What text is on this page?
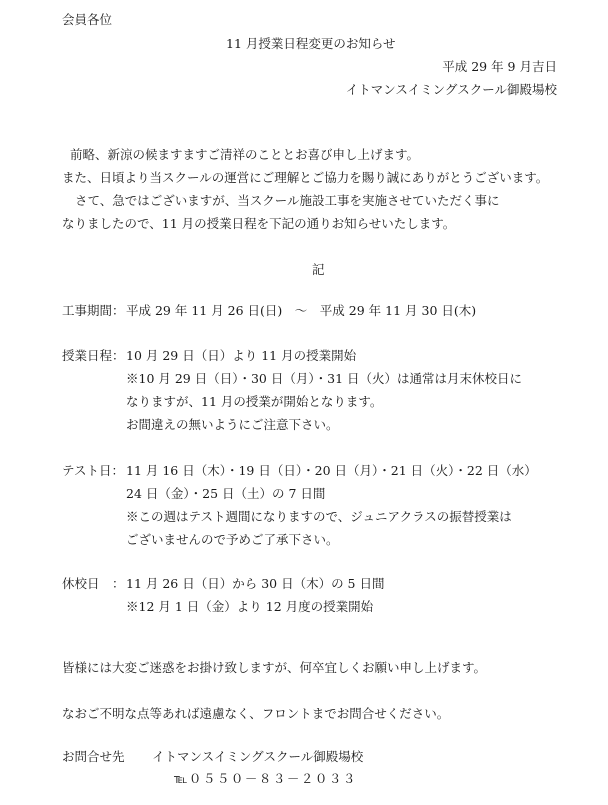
会員各位
11 月授業日程変更のお知らせ
平成 29 年 9 月吉日
イトマンスイミングスクール御殿場校
前略、新涼の候ますますご清祥のこととお喜び申し上げます。
また、日頃より当スクールの運営にご理解とご協力を賜り誠にありがとうございます。
さて、急ではございますが、当スクール施設工事を実施させていただく事に
なりましたので、11 月の授業日程を下記の通りお知らせいたします。
記
工事期間： 平成 29 年 11 月 26 日(日)　～　平成 29 年 11 月 30 日(木)
授業日程： 10 月 29 日（日）より 11 月の授業開始
※10 月 29 日（日）・30 日（月）・31 日（火）は通常は月末休校日に
なりますが、11 月の授業が開始となります。
お間違えの無いようにご注意下さい。
テスト日： 11 月 16 日（木）・19 日（日）・20 日（月）・21 日（火）・22 日（水）
24 日（金）・25 日（土）の 7 日間
※この週はテスト週間になりますので、ジュニアクラスの振替授業は
ございませんので予めご了承下さい。
休校日　： 11 月 26 日（日）から 30 日（木）の 5 日間
※12 月 1 日（金）より 12 月度の授業開始
皆様には大変ご迷惑をお掛け致しますが、何卒宜しくお願い申し上げます。
なおご不明な点等あれば遠慮なく、フロントまでお問合せください。
お問合せ先 イトマンスイミングスクール御殿場校
℡０５５０－８３－２０３３
